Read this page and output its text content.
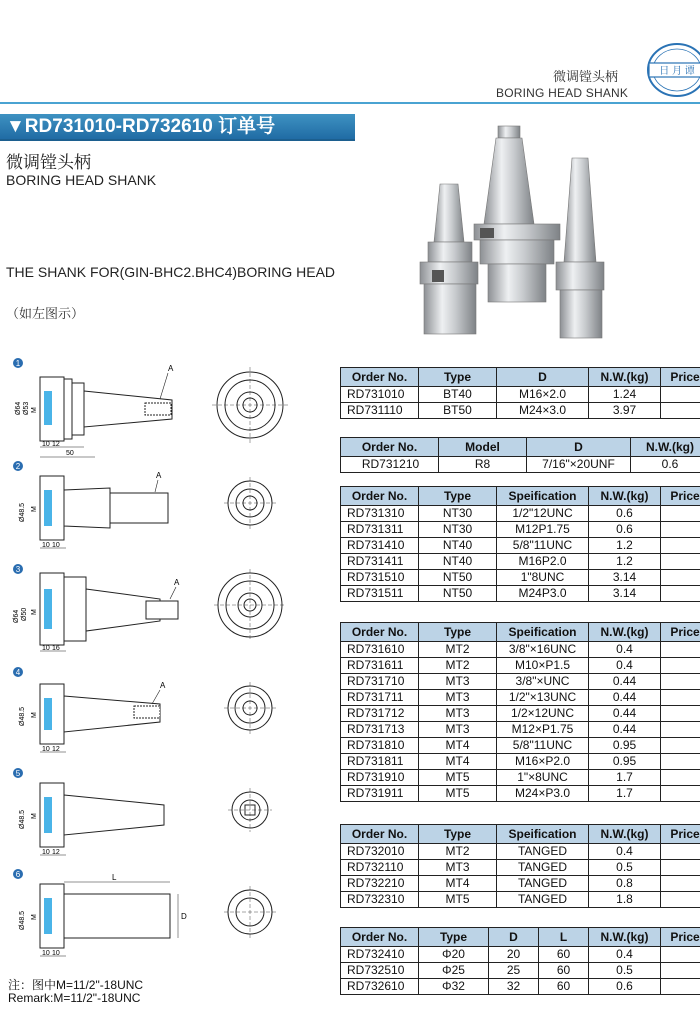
微调镗头柄
BORING HEAD SHANK
日 月 谭
▼RD731010-RD732610 订单号
微调镗头柄
BORING HEAD SHANK
THE SHANK FOR(GIN-BHC2.BHC4)BORING HEAD
（如左图示）
1
A
Ø64 Ø53 M
10 12
50
2
A
Ø48.5 M
10 10
3
A
Ø64 Ø50 M
10 16
4
A
Ø48.5 M
10 12
5
Ø48.5 M
10 12
6	L
D
Ø48.5 M
10 10
Order No.	Type	D	N.W.(kg)	Price
RD731010	BT40	M16×2.0	1.24	
RD731110	BT50	M24×3.0	3.97	
Order No.	Model	D	N.W.(kg)
RD731210	R8	7/16"×20UNF	0.6
Order No.	Type	Speification	N.W.(kg)	Price
RD731310	NT30	1/2"12UNC	0.6	
RD731311	NT30	M12P1.75	0.6	
RD731410	NT40	5/8"11UNC	1.2	
RD731411	NT40	M16P2.0	1.2	
RD731510	NT50	1"8UNC	3.14	
RD731511	NT50	M24P3.0	3.14	
Order No.	Type	Speification	N.W.(kg)	Price
RD731610	MT2	3/8"×16UNC	0.4	
RD731611	MT2	M10×P1.5	0.4	
RD731710	MT3	3/8"×UNC	0.44	
RD731711	MT3	1/2"×13UNC	0.44	
RD731712	MT3	1/2×12UNC	0.44	
RD731713	MT3	M12×P1.75	0.44	
RD731810	MT4	5/8"11UNC	0.95	
RD731811	MT4	M16×P2.0	0.95	
RD731910	MT5	1"×8UNC	1.7	
RD731911	MT5	M24×P3.0	1.7	
Order No.	Type	Speification	N.W.(kg)	Price
RD732010	MT2	TANGED	0.4	
RD732110	MT3	TANGED	0.5	
RD732210	MT4	TANGED	0.8	
RD732310	MT5	TANGED	1.8	
Order No.	Type	D	L	N.W.(kg)	Price
RD732410	Φ20	20	60	0.4	
RD732510	Φ25	25	60	0.5	
RD732610	Φ32	32	60	0.6	
注：图中M=11/2"-18UNC
Remark:M=11/2"-18UNC
